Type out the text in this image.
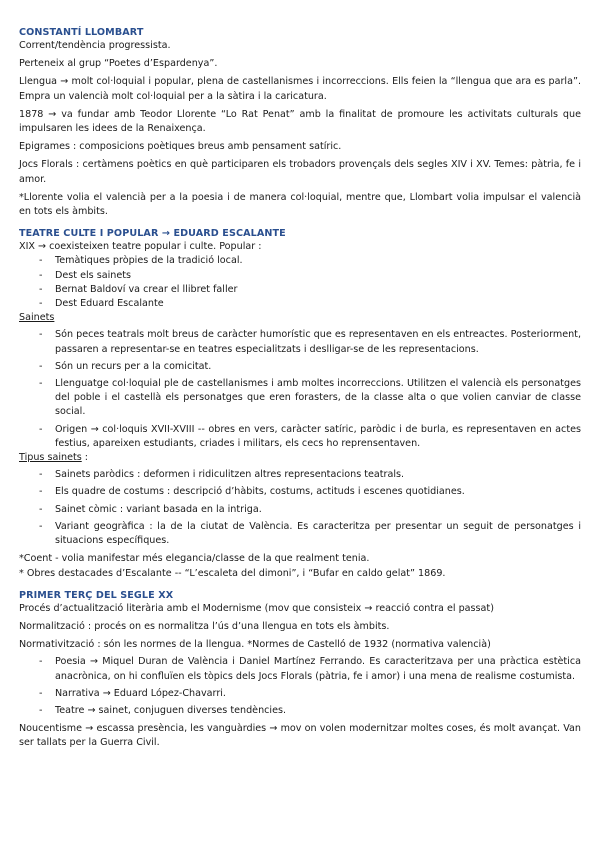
CONSTANTÍ LLOMBART

Corrent/tendència progressista.

Perteneix al grup “Poetes d’Espardenya”.

Llengua → molt col·loquial i popular, plena de castellanismes i incorreccions. Ells feien la “llengua que ara es parla”. Empra un valencià molt col·loquial per a la sàtira i la caricatura.

1878 → va fundar amb Teodor Llorente “Lo Rat Penat” amb la finalitat de promoure les activitats culturals que impulsaren les idees de la Renaixença.

Epigrames : composicions poètiques breus amb pensament satíric.

Jocs Florals : certàmens poètics en què participaren els trobadors provençals dels segles XIV i XV. Temes: pàtria, fe i amor.

*Llorente volia el valencià per a la poesia i de manera col·loquial, mentre que, Llombart volia impulsar el valencià en tots els àmbits.

TEATRE CULTE I POPULAR → EDUARD ESCALANTE

XIX → coexisteixen teatre popular i culte. Popular :

- Temàtiques pròpies de la tradició local.
- Dest els sainets
- Bernat Baldoví va crear el llibret faller
- Dest Eduard Escalante

Sainets

- Són peces teatrals molt breus de caràcter humorístic que es representaven en els entreactes. Posteriorment, passaren a representar-se en teatres especialitzats i deslligar-se de les representacions.
- Són un recurs per a la comicitat.
- Llenguatge col·loquial ple de castellanismes i amb moltes incorreccions. Utilitzen el valencià els personatges del poble i el castellà els personatges que eren forasters, de la classe alta o que volien canviar de classe social.
- Origen → col·loquis XVII-XVIII -- obres en vers, caràcter satíric, paròdic i de burla, es representaven en actes festius, apareixen estudiants, criades i militars, els cecs ho reprensentaven.

Tipus sainets :

- Sainets paròdics : deformen i ridiculitzen altres representacions teatrals.
- Els quadre de costums : descripció d’hàbits, costums, actituds i escenes quotidianes.
- Sainet còmic : variant basada en la intriga.
- Variant geogràfica : la de la ciutat de València. Es caracteritza per presentar un seguit de personatges i situacions específiques.

*Coent - volia manifestar més elegancia/classe de la que realment tenia.

* Obres destacades d’Escalante -- “L’escaleta del dimoni”, i “Bufar en caldo gelat” 1869.

PRIMER TERÇ DEL SEGLE XX

Procés d’actualització literària amb el Modernisme (mov que consisteix → reacció contra el passat)

Normalització : procés on es normalitza l’ús d’una llengua en tots els àmbits.

Normativització : són les normes de la llengua. *Normes de Castelló de 1932 (normativa valencià)

- Poesia → Miquel Duran de València i Daniel Martínez Ferrando. Es caracteritzava per una pràctica estètica anacrònica, on hi confluïen els tòpics dels Jocs Florals (pàtria, fe i amor) i una mena de realisme costumista.
- Narrativa → Eduard López-Chavarri.
- Teatre → sainet, conjuguen diverses tendències.

Noucentisme → escassa presència, les vanguàrdies → mov on volen modernitzar moltes coses, és molt avançat. Van ser tallats per la Guerra Civil.
